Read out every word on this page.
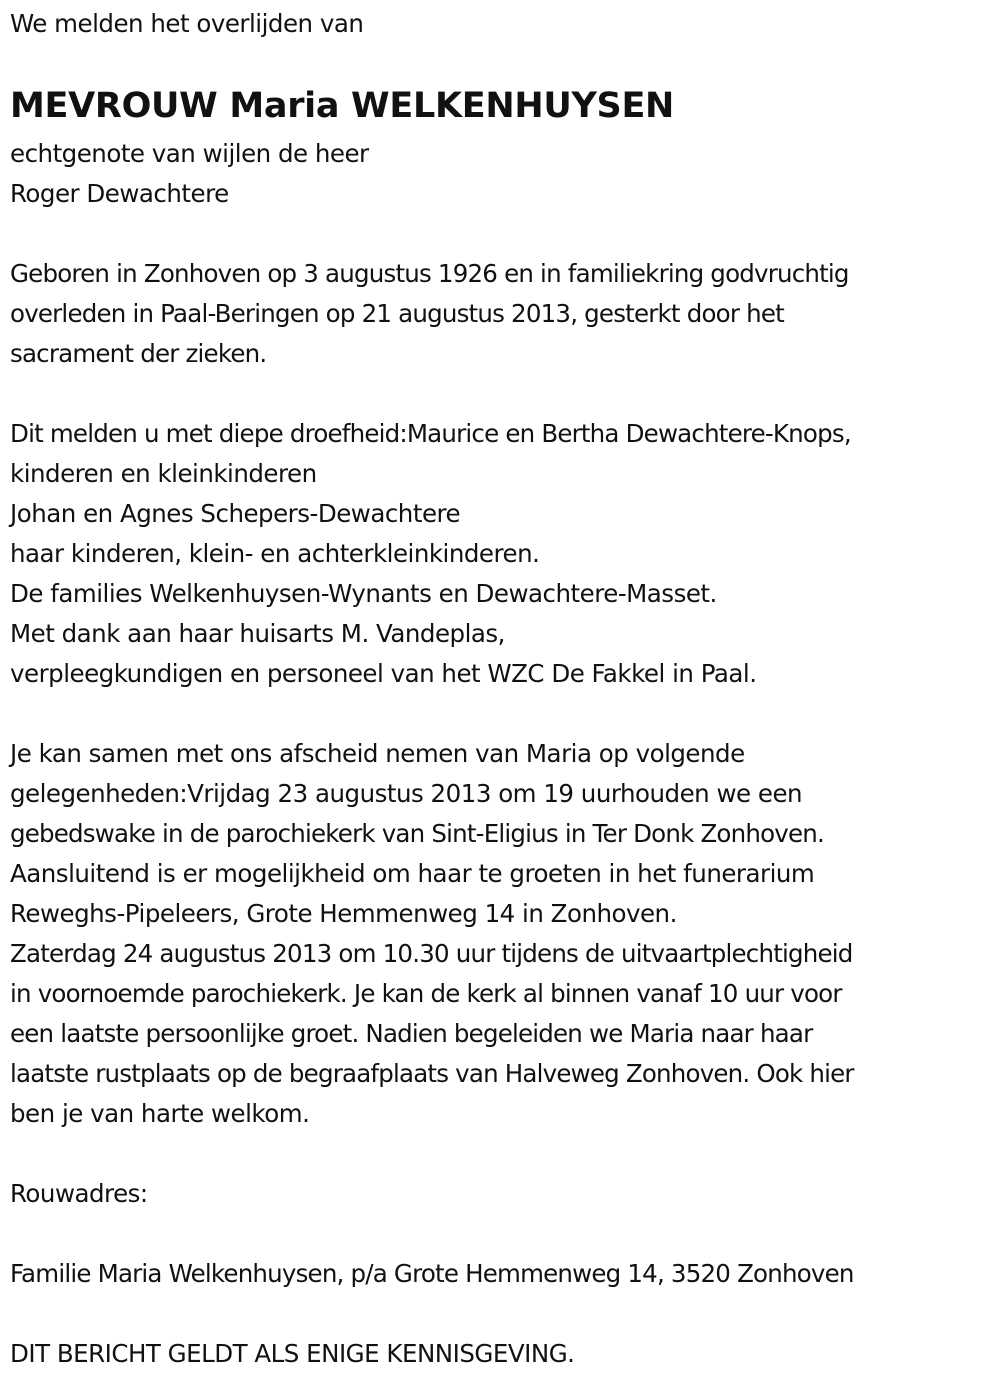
We melden het overlijden van
MEVROUW Maria WELKENHUYSEN
echtgenote van wijlen de heer
Roger Dewachtere
Geboren in Zonhoven op 3 augustus 1926 en in familiekring godvruchtig
overleden in Paal-Beringen op 21 augustus 2013, gesterkt door het
sacrament der zieken.
Dit melden u met diepe droefheid:Maurice en Bertha Dewachtere-Knops,
kinderen en kleinkinderen
Johan en Agnes Schepers-Dewachtere
haar kinderen, klein- en achterkleinkinderen.
De families Welkenhuysen-Wynants en Dewachtere-Masset.
Met dank aan haar huisarts M. Vandeplas,
verpleegkundigen en personeel van het WZC De Fakkel in Paal.
Je kan samen met ons afscheid nemen van Maria op volgende
gelegenheden:Vrijdag 23 augustus 2013 om 19 uurhouden we een
gebedswake in de parochiekerk van Sint-Eligius in Ter Donk Zonhoven.
Aansluitend is er mogelijkheid om haar te groeten in het funerarium
Reweghs-Pipeleers, Grote Hemmenweg 14 in Zonhoven.
Zaterdag 24 augustus 2013 om 10.30 uur tijdens de uitvaartplechtigheid
in voornoemde parochiekerk. Je kan de kerk al binnen vanaf 10 uur voor
een laatste persoonlijke groet. Nadien begeleiden we Maria naar haar
laatste rustplaats op de begraafplaats van Halveweg Zonhoven. Ook hier
ben je van harte welkom.
Rouwadres:
Familie Maria Welkenhuysen, p/a Grote Hemmenweg 14, 3520 Zonhoven
DIT BERICHT GELDT ALS ENIGE KENNISGEVING.
